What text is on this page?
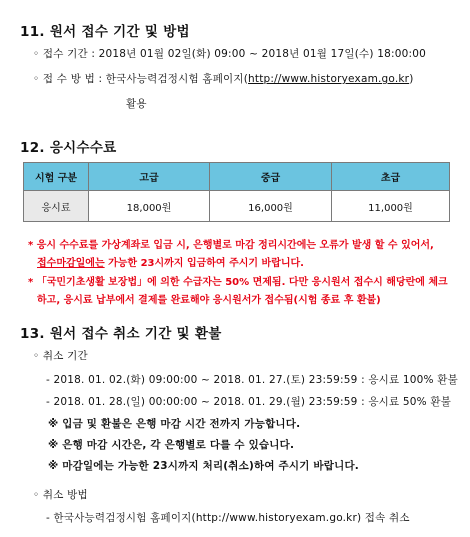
11. 원서 접수 기간 및 방법
◦ 접수 기간 : 2018년 01월 02일(화) 09:00 ~ 2018년 01월 17일(수) 18:00:00
◦ 접 수 방 법 : 한국사능력검정시험 홈페이지(http://www.historyexam.go.kr)
활용
12. 응시수수료
시험 구분	고급	중급	초급
응시료	18,000원	16,000원	11,000원
* 응시 수수료를 가상계좌로 입금 시, 은행별로 마감 정리시간에는 오류가 발생 할 수 있어서,
접수마감일에는 가능한 23시까지 입금하여 주시기 바랍니다.
* 「국민기초생활 보장법」에 의한 수급자는 50% 면제됨. 다만 응시원서 접수시 해당란에 체크
하고, 응시료 납부에서 결제를 완료해야 응시원서가 접수됨(시험 종료 후 환불)
13. 원서 접수 취소 기간 및 환불
◦ 취소 기간
- 2018. 01. 02.(화) 09:00:00 ~ 2018. 01. 27.(토) 23:59:59 : 응시료 100% 환불
- 2018. 01. 28.(일) 00:00:00 ~ 2018. 01. 29.(월) 23:59:59 : 응시료 50% 환불
※ 입금 및 환불은 은행 마감 시간 전까지 가능합니다.
※ 은행 마감 시간은, 각 은행별로 다를 수 있습니다.
※ 마감일에는 가능한 23시까지 처리(취소)하여 주시기 바랍니다.
◦ 취소 방법
- 한국사능력검정시험 홈페이지(http://www.historyexam.go.kr) 접속 취소
